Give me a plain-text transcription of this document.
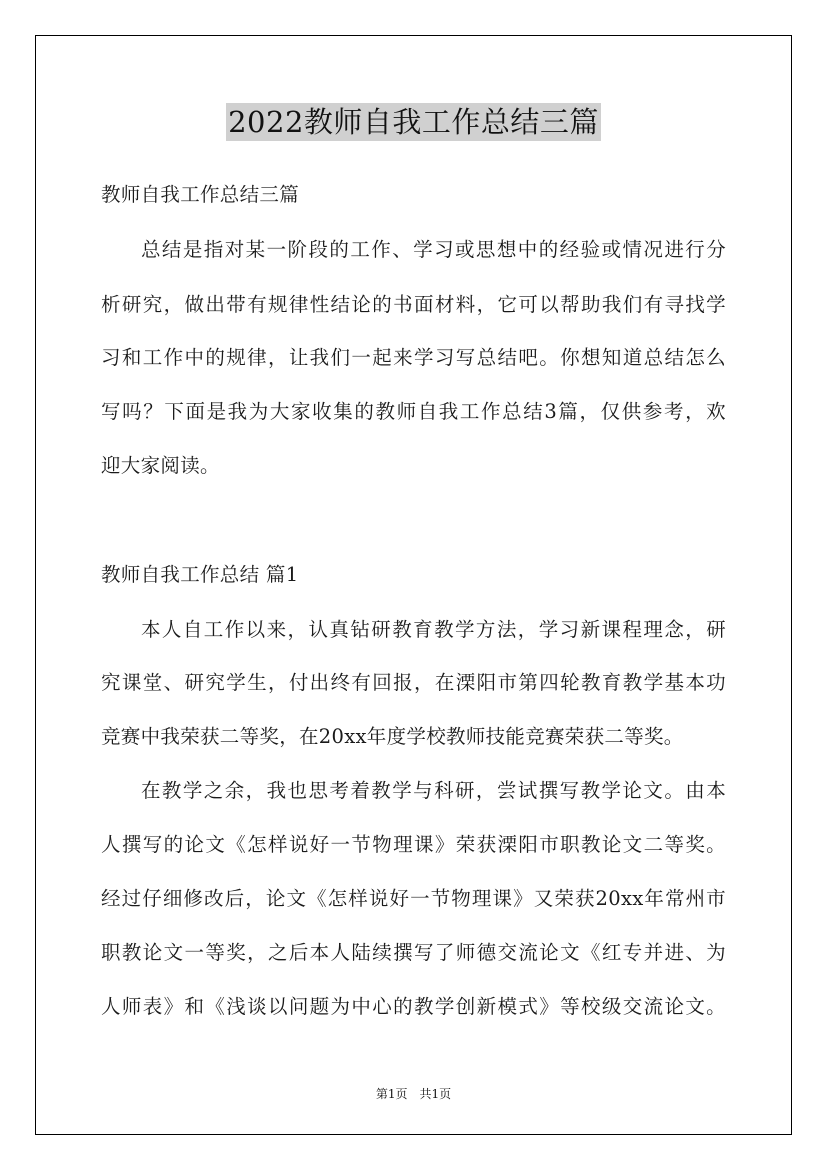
2022教师自我工作总结三篇
教师自我工作总结三篇
总结是指对某一阶段的工作、学习或思想中的经验或情况进行分
析研究，做出带有规律性结论的书面材料，它可以帮助我们有寻找学
习和工作中的规律，让我们一起来学习写总结吧。你想知道总结怎么
写吗？下面是我为大家收集的教师自我工作总结3篇，仅供参考，欢
迎大家阅读。
教师自我工作总结 篇1
本人自工作以来，认真钻研教育教学方法，学习新课程理念，研
究课堂、研究学生，付出终有回报，在溧阳市第四轮教育教学基本功
竞赛中我荣获二等奖，在20xx年度学校教师技能竞赛荣获二等奖。
在教学之余，我也思考着教学与科研，尝试撰写教学论文。由本
人撰写的论文《怎样说好一节物理课》荣获溧阳市职教论文二等奖。
经过仔细修改后，论文《怎样说好一节物理课》又荣获20xx年常州市
职教论文一等奖，之后本人陆续撰写了师德交流论文《红专并进、为
人师表》和《浅谈以问题为中心的教学创新模式》等校级交流论文。
第1页　共1页
